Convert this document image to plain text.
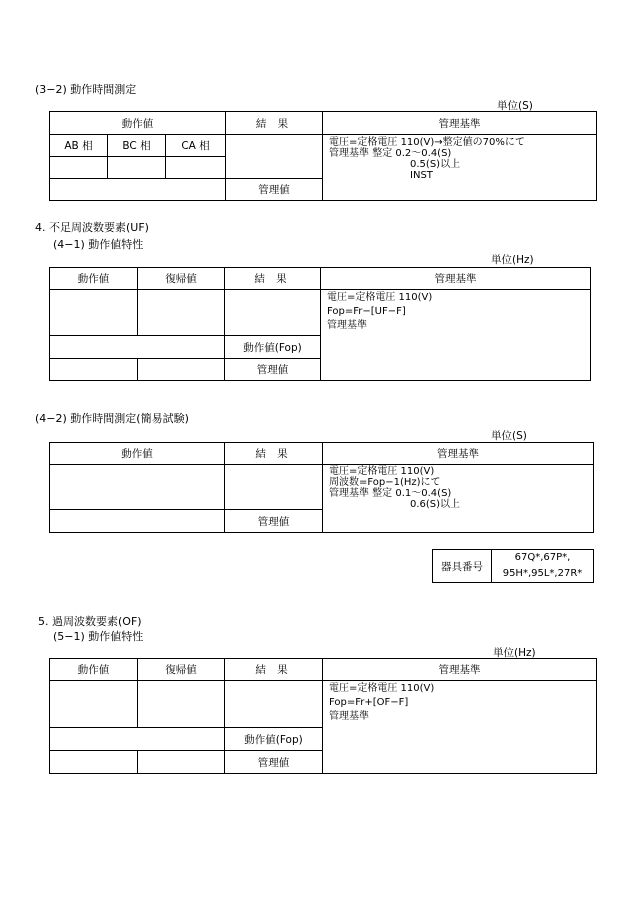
(3−2) 動作時間測定
単位(S)
動作値			結 果	管理基準
AB 相	BC 相	CA 相		電圧=定格電圧 110(V)→整定値の70%にて
管理基準 整定 0.2〜0.4(S)
0.5(S)以上
INST

			管理値	
4. 不足周波数要素(UF)
(4−1) 動作値特性
単位(Hz)
動作値	復帰値	結 果	管理基準

			電圧=定格電圧 110(V)
Fop=Fr−[UF−F]
管理基準

		動作値(Fop)	
		管理値	
(4−2) 動作時間測定(簡易試験)
単位(S)
動作値	結 果	管理基準

		電圧=定格電圧 110(V)
周波数=Fop−1(Hz)にて
管理基準 整定 0.1〜0.4(S)
0.6(S)以上

	管理値	
器具番号	
67Q*,67P*,
95H*,95L*,27R*
5. 過周波数要素(OF)
(5−1) 動作値特性
単位(Hz)
動作値	復帰値	結 果	管理基準

			電圧=定格電圧 110(V)
Fop=Fr+[OF−F]
管理基準

		動作値(Fop)	
		管理値	
